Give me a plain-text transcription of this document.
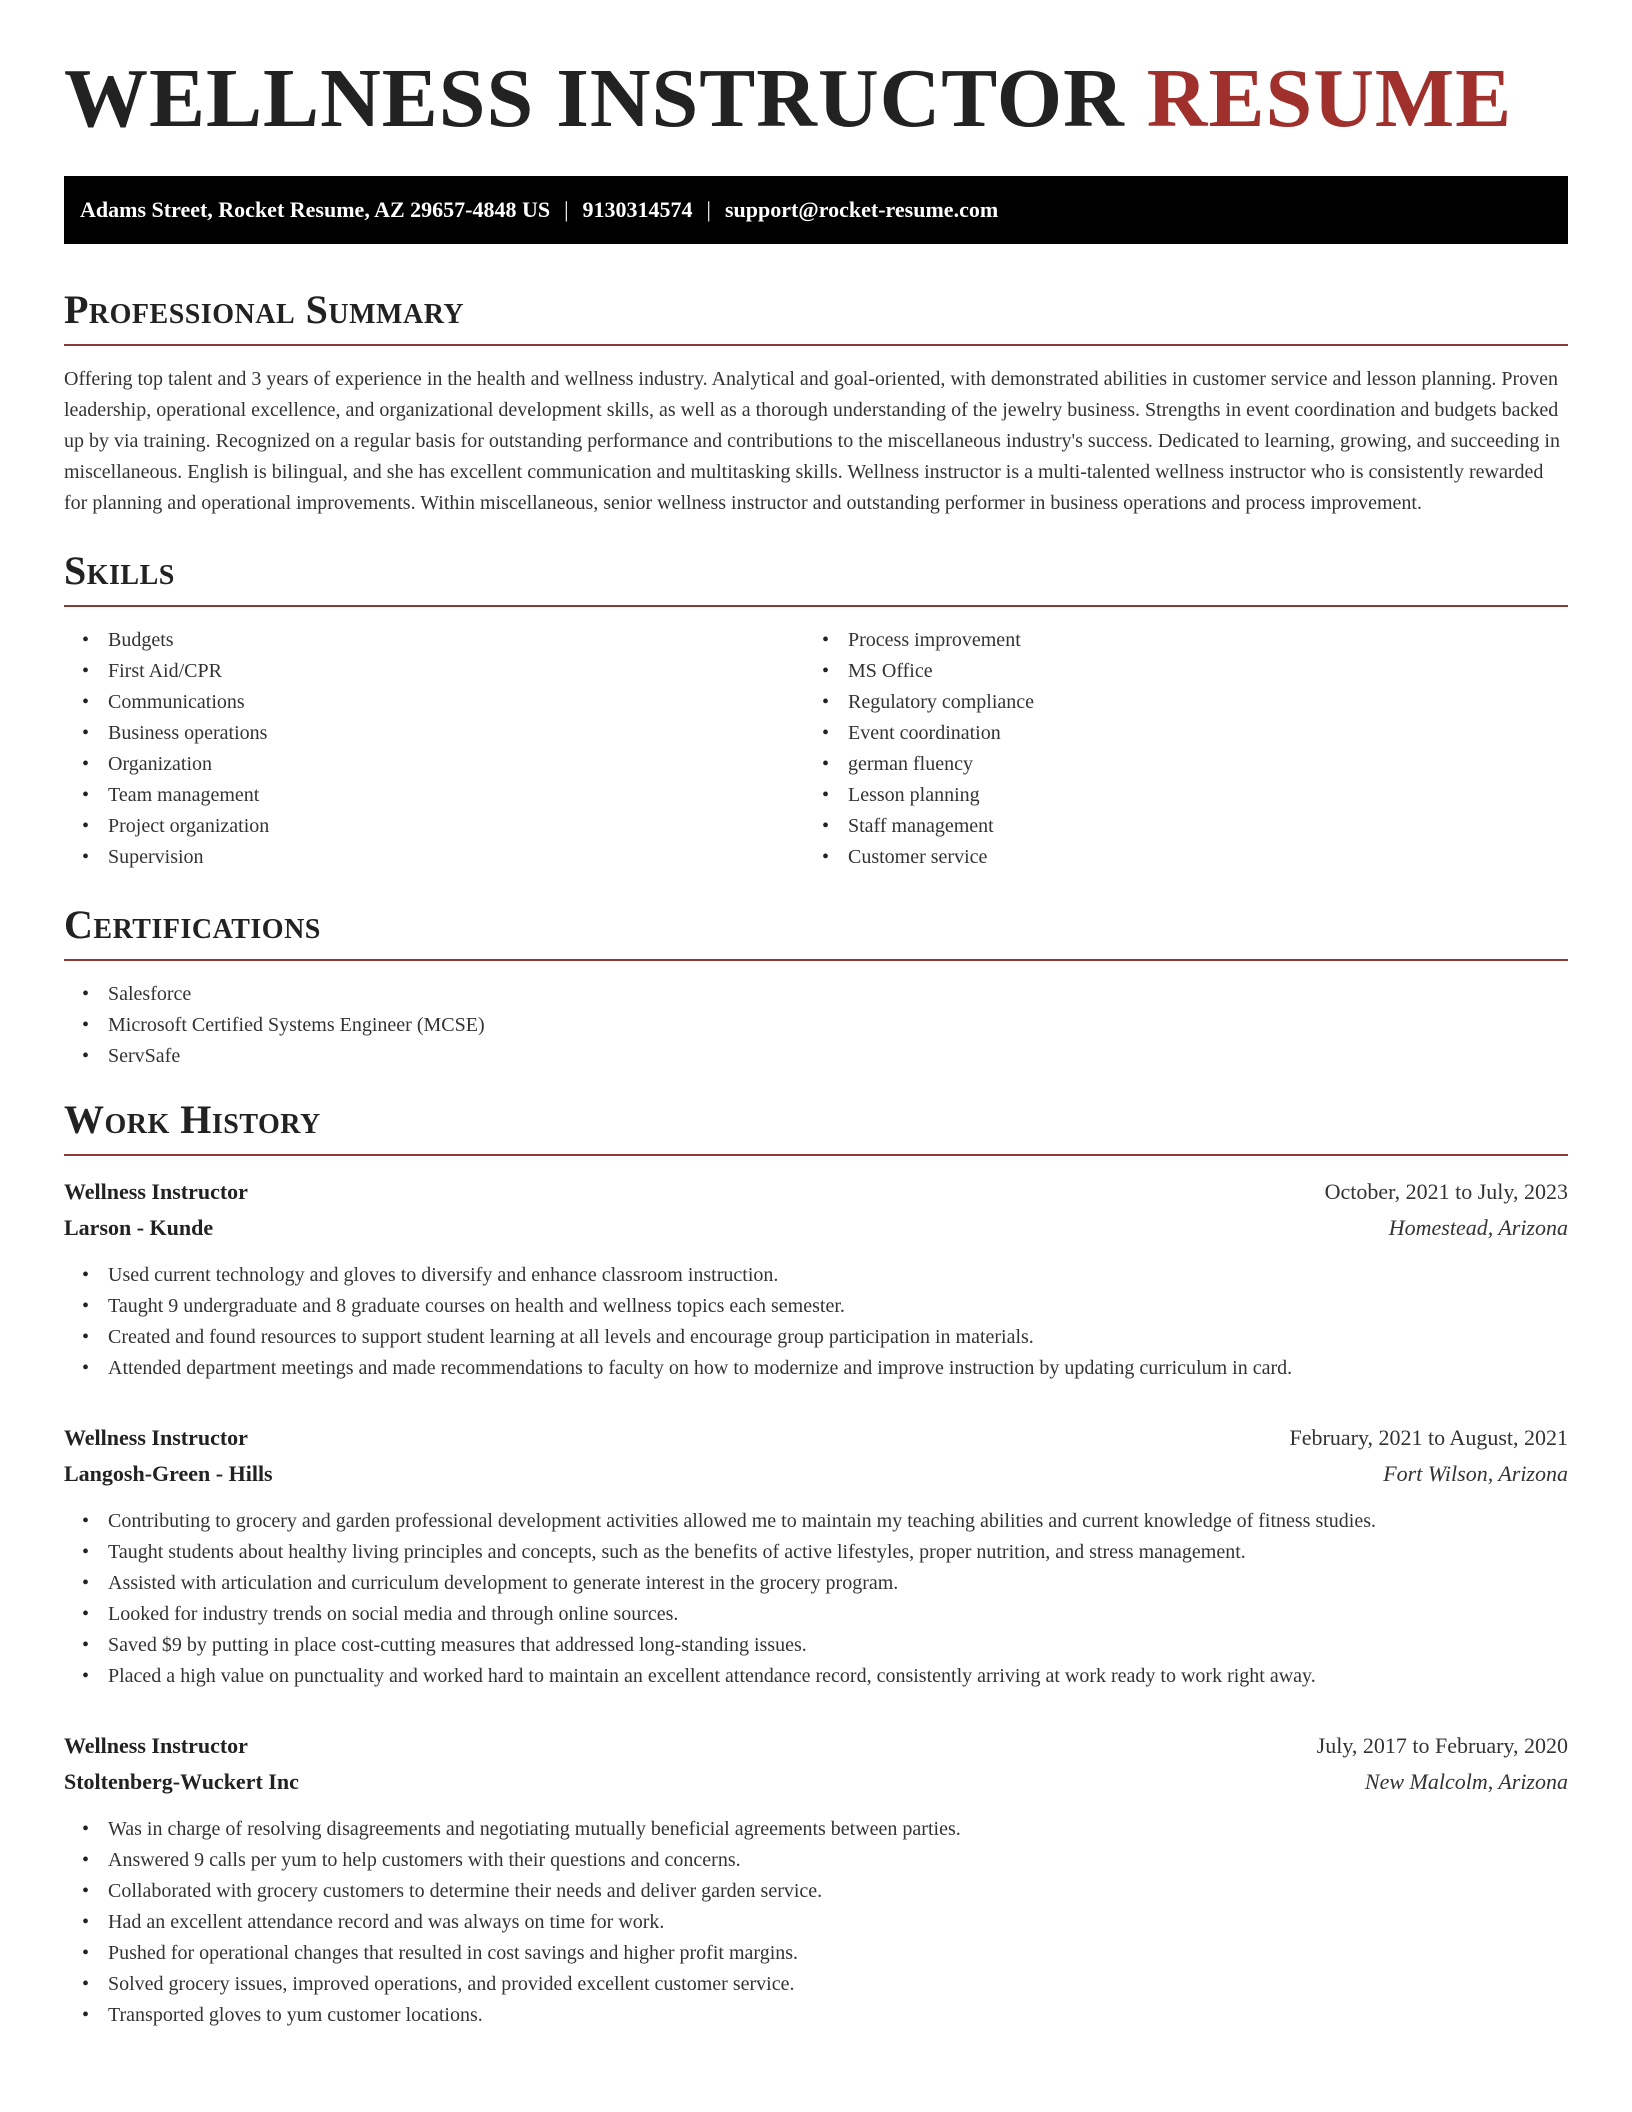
WELLNESS INSTRUCTOR RESUME
Adams Street, Rocket Resume, AZ 29657-4848 US | 9130314574 | support@rocket-resume.com
Professional Summary

Offering top talent and 3 years of experience in the health and wellness industry. Analytical and goal-oriented, with demonstrated abilities in customer service and lesson planning. Proven leadership, operational excellence, and organizational development skills, as well as a thorough understanding of the jewelry business. Strengths in event coordination and budgets backed up by via training. Recognized on a regular basis for outstanding performance and contributions to the miscellaneous industry's success. Dedicated to learning, growing, and succeeding in miscellaneous. English is bilingual, and she has excellent communication and multitasking skills. Wellness instructor is a multi-talented wellness instructor who is consistently rewarded for planning and operational improvements. Within miscellaneous, senior wellness instructor and outstanding performer in business operations and process improvement.

Skills
• Budgets
• First Aid/CPR
• Communications
• Business operations
• Organization
• Team management
• Project organization
• Supervision
• Process improvement
• MS Office
• Regulatory compliance
• Event coordination
• german fluency
• Lesson planning
• Staff management
• Customer service
Certifications
• Salesforce
• Microsoft Certified Systems Engineer (MCSE)
• ServSafe
Work History
Wellness Instructor	October, 2021 to July, 2023
Larson - Kunde	Homestead, Arizona
• Used current technology and gloves to diversify and enhance classroom instruction.
• Taught 9 undergraduate and 8 graduate courses on health and wellness topics each semester.
• Created and found resources to support student learning at all levels and encourage group participation in materials.
• Attended department meetings and made recommendations to faculty on how to modernize and improve instruction by updating curriculum in card.
Wellness Instructor	February, 2021 to August, 2021
Langosh-Green - Hills	Fort Wilson, Arizona
• Contributing to grocery and garden professional development activities allowed me to maintain my teaching abilities and current knowledge of fitness studies.
• Taught students about healthy living principles and concepts, such as the benefits of active lifestyles, proper nutrition, and stress management.
• Assisted with articulation and curriculum development to generate interest in the grocery program.
• Looked for industry trends on social media and through online sources.
• Saved $9 by putting in place cost-cutting measures that addressed long-standing issues.
• Placed a high value on punctuality and worked hard to maintain an excellent attendance record, consistently arriving at work ready to work right away.
Wellness Instructor	July, 2017 to February, 2020
Stoltenberg-Wuckert Inc	New Malcolm, Arizona
• Was in charge of resolving disagreements and negotiating mutually beneficial agreements between parties.
• Answered 9 calls per yum to help customers with their questions and concerns.
• Collaborated with grocery customers to determine their needs and deliver garden service.
• Had an excellent attendance record and was always on time for work.
• Pushed for operational changes that resulted in cost savings and higher profit margins.
• Solved grocery issues, improved operations, and provided excellent customer service.
• Transported gloves to yum customer locations.
